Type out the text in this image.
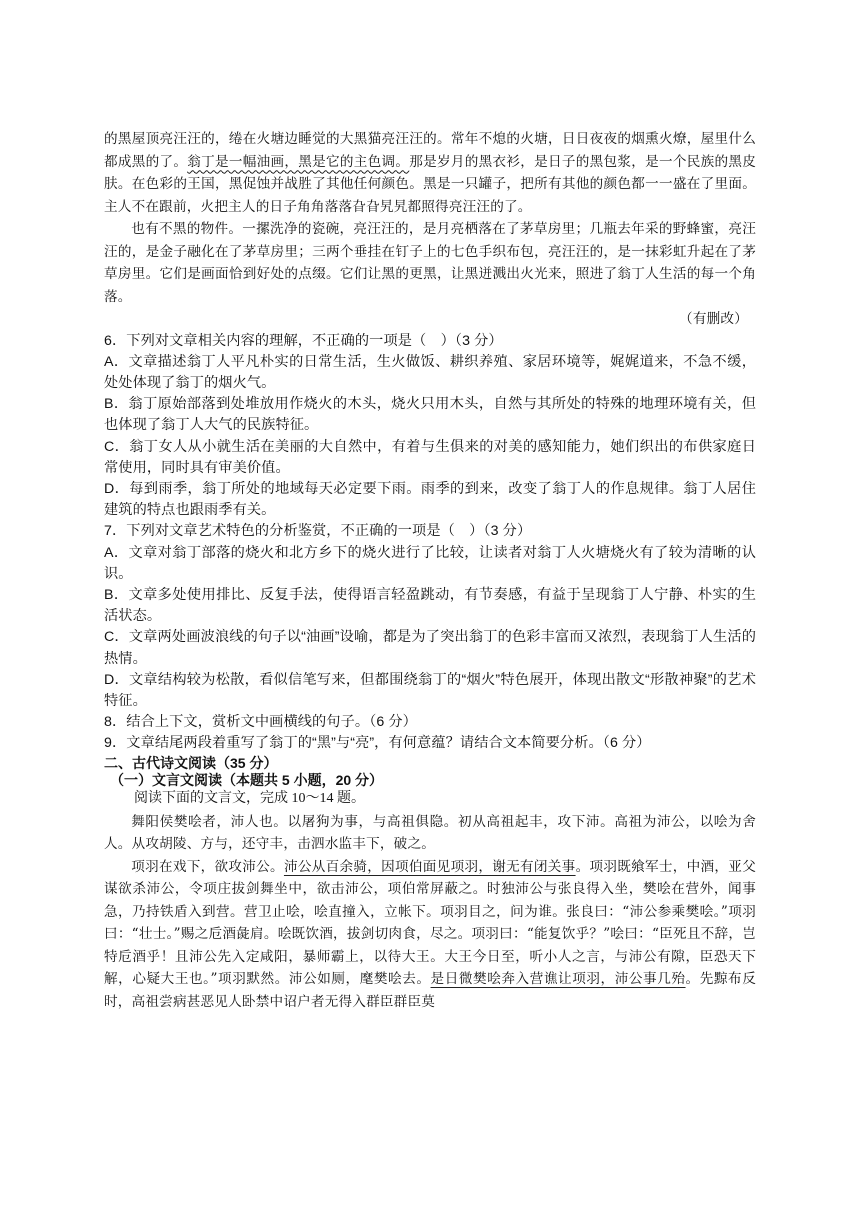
的黑屋顶亮汪汪的，绻在火塘边睡觉的大黑猫亮汪汪的。常年不熄的火塘，日日夜夜的烟熏火燎，屋里什么都成黑的了。翁丁是一幅油画，黑是它的主色调。那是岁月的黑衣衫，是日子的黑包浆，是一个民族的黑皮肤。在色彩的王国，黑促蚀并战胜了其他任何颜色。黑是一只罐子，把所有其他的颜色都一一盛在了里面。主人不在跟前，火把主人的日子角角落落旮旮旯旯都照得亮汪汪的了。

也有不黑的物件。一摞洗净的瓷碗，亮汪汪的，是月亮栖落在了茅草房里；几瓶去年采的野蜂蜜，亮汪汪的，是金子融化在了茅草房里；三两个垂挂在钉子上的七色手织布包，亮汪汪的，是一抹彩虹升起在了茅草房里。它们是画面恰到好处的点缀。它们让黑的更黑，让黑迸溅出火光来，照进了翁丁人生活的每一个角落。

（有删改）

6．下列对文章相关内容的理解，不正确的一项是（　）（3 分）

A．文章描述翁丁人平凡朴实的日常生活，生火做饭、耕织养殖、家居环境等，娓娓道来，不急不缓，处处体现了翁丁的烟火气。

B．翁丁原始部落到处堆放用作烧火的木头，烧火只用木头，自然与其所处的特殊的地理环境有关，但也体现了翁丁人大气的民族特征。

C．翁丁女人从小就生活在美丽的大自然中，有着与生俱来的对美的感知能力，她们织出的布供家庭日常使用，同时具有审美价值。

D．每到雨季，翁丁所处的地域每天必定要下雨。雨季的到来，改变了翁丁人的作息规律。翁丁人居住建筑的特点也跟雨季有关。

7．下列对文章艺术特色的分析鉴赏，不正确的一项是（　）（3 分）

A．文章对翁丁部落的烧火和北方乡下的烧火进行了比较，让读者对翁丁人火塘烧火有了较为清晰的认识。

B．文章多处使用排比、反复手法，使得语言轻盈跳动，有节奏感，有益于呈现翁丁人宁静、朴实的生活状态。

C．文章两处画波浪线的句子以“油画”设喻，都是为了突出翁丁的色彩丰富而又浓烈，表现翁丁人生活的热情。

D．文章结构较为松散，看似信笔写来，但都围绕翁丁的“烟火”特色展开，体现出散文“形散神聚”的艺术特征。

8．结合上下文，赏析文中画横线的句子。（6 分）

9．文章结尾两段着重写了翁丁的“黑”与“亮”，有何意蕴？请结合文本简要分析。（6 分）

二、古代诗文阅读（35 分）

（一）文言文阅读（本题共 5 小题，20 分）

阅读下面的文言文，完成 10～14 题。

舞阳侯樊哙者，沛人也。以屠狗为事，与高祖俱隐。初从高祖起丰，攻下沛。高祖为沛公，以哙为舍人。从攻胡陵、方与，还守丰，击泗水监丰下，破之。

项羽在戏下，欲攻沛公。沛公从百余骑，因项伯面见项羽，谢无有闭关事。项羽既飨军士，中酒，亚父谋欲杀沛公，令项庄拔剑舞坐中，欲击沛公，项伯常屏蔽之。时独沛公与张良得入坐，樊哙在营外，闻事急，乃持铁盾入到营。营卫止哙，哙直撞入，立帐下。项羽目之，问为谁。张良曰：“沛公参乘樊哙。”项羽曰：“壮士。”赐之卮酒彘肩。哙既饮酒，拔剑切肉食，尽之。项羽曰：“能复饮乎？”哙曰：“臣死且不辞，岂特卮酒乎！且沛公先入定咸阳，暴师霸上，以待大王。大王今日至，听小人之言，与沛公有隙，臣恐天下解，心疑大王也。”项羽默然。沛公如厕，麾樊哙去。是日微樊哙奔入营谯让项羽，沛公事几殆。先黥布反时，高祖尝病甚恶见人卧禁中诏户者无得入群臣群臣莫
